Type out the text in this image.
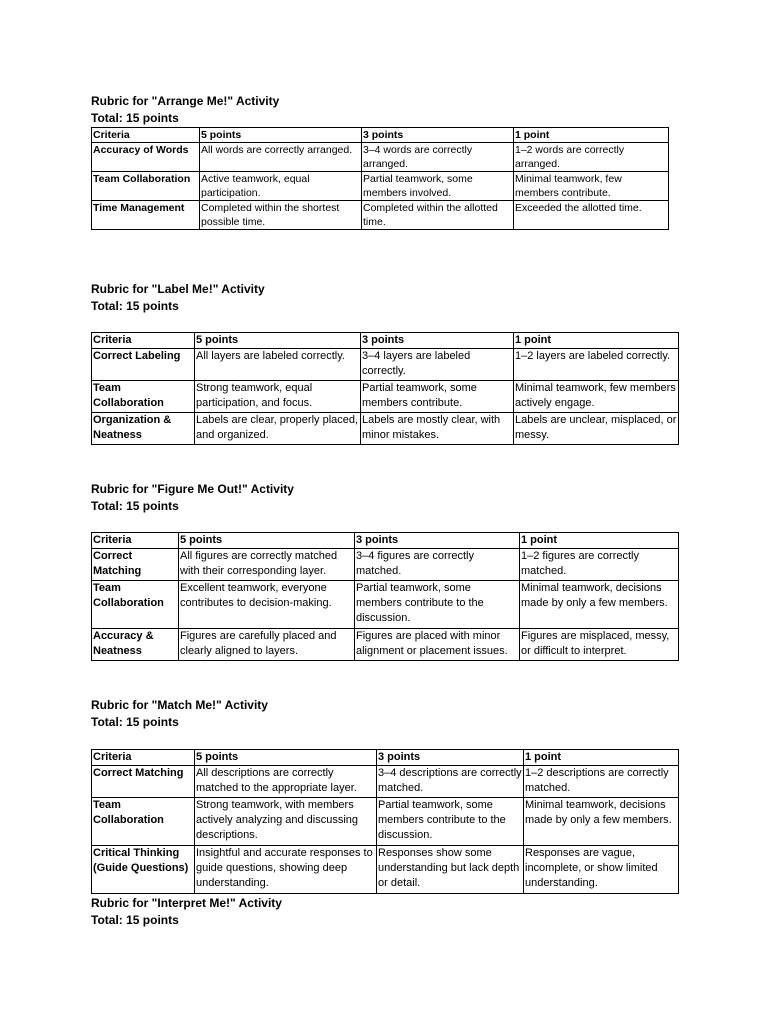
Rubric for "Arrange Me!" Activity
Total: 15 points
Criteria	5 points	3 points	1 point
Accuracy of Words	All words are correctly arranged.	3–4 words are correctly arranged.	1–2 words are correctly arranged.
Team Collaboration	Active teamwork, equal participation.	Partial teamwork, some members involved.	Minimal teamwork, few members contribute.
Time Management	Completed within the shortest possible time.	Completed within the allotted time.	Exceeded the allotted time.
Rubric for "Label Me!" Activity
Total: 15 points
Criteria	5 points	3 points	1 point
Correct Labeling	All layers are labeled correctly.	3–4 layers are labeled correctly.	1–2 layers are labeled correctly.
Team Collaboration	Strong teamwork, equal participation, and focus.	Partial teamwork, some members contribute.	Minimal teamwork, few members actively engage.
Organization & Neatness	Labels are clear, properly placed, and organized.	Labels are mostly clear, with minor mistakes.	Labels are unclear, misplaced, or messy.
Rubric for "Figure Me Out!" Activity
Total: 15 points
Criteria	5 points	3 points	1 point
Correct Matching	All figures are correctly matched with their corresponding layer.	3–4 figures are correctly matched.	1–2 figures are correctly matched.
Team Collaboration	Excellent teamwork, everyone contributes to decision-making.	Partial teamwork, some members contribute to the discussion.	Minimal teamwork, decisions made by only a few members.
Accuracy & Neatness	Figures are carefully placed and clearly aligned to layers.	Figures are placed with minor alignment or placement issues.	Figures are misplaced, messy, or difficult to interpret.
Rubric for "Match Me!" Activity
Total: 15 points
Criteria	5 points	3 points	1 point
Correct Matching	All descriptions are correctly matched to the appropriate layer.	3–4 descriptions are correctly matched.	1–2 descriptions are correctly matched.
Team Collaboration	Strong teamwork, with members actively analyzing and discussing descriptions.	Partial teamwork, some members contribute to the discussion.	Minimal teamwork, decisions made by only a few members.
Critical Thinking (Guide Questions)	Insightful and accurate responses to guide questions, showing deep understanding.	Responses show some understanding but lack depth or detail.	Responses are vague, incomplete, or show limited understanding.
Rubric for "Interpret Me!" Activity
Total: 15 points
